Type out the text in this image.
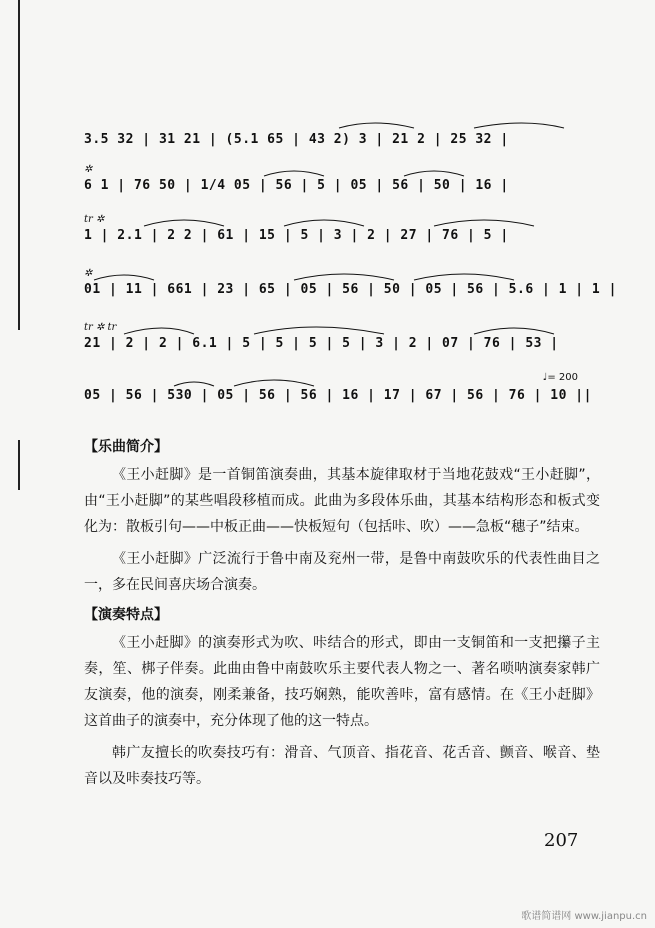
3.5 32 | 31 21 | (5.1 65 | 43 2) 3 | 21 2 | 25 32 |
✲
6 1 | 76 50 | 1/4 05 | 56 | 5 | 05 | 56 | 50 | 16 |
tr ✲
1 | 2.1 | 2 2 | 61 | 15 | 5 | 3 | 2 | 27 | 76 | 5 |
✲
01 | 11 | 661 | 23 | 65 | 05 | 56 | 50 | 05 | 56 | 5.6 | 1 | 1 |
tr ✲ tr
21 | 2 | 2 | 6.1 | 5 | 5 | 5 | 5 | 3 | 2 | 07 | 76 | 53 |
♩= 200
05 | 56 | 530 | 05 | 56 | 56 | 16 | 17 | 67 | 56 | 76 | 10 ||
【乐曲简介】

《王小赶脚》是一首铜笛演奏曲，其基本旋律取材于当地花鼓戏“王小赶脚”，由“王小赶脚”的某些唱段移植而成。此曲为多段体乐曲，其基本结构形态和板式变化为：散板引句——中板正曲——快板短句（包括咔、吹）——急板“穗子”结束。

《王小赶脚》广泛流行于鲁中南及兖州一带，是鲁中南鼓吹乐的代表性曲目之一，多在民间喜庆场合演奏。

【演奏特点】

《王小赶脚》的演奏形式为吹、咔结合的形式，即由一支铜笛和一支把攥子主奏，笙、梆子伴奏。此曲由鲁中南鼓吹乐主要代表人物之一、著名唢呐演奏家韩广友演奏，他的演奏，刚柔兼备，技巧娴熟，能吹善咔，富有感情。在《王小赶脚》这首曲子的演奏中，充分体现了他的这一特点。

韩广友擅长的吹奏技巧有：滑音、气顶音、指花音、花舌音、颤音、喉音、垫音以及咔奏技巧等。

207
歌谱简谱网 www.jianpu.cn
